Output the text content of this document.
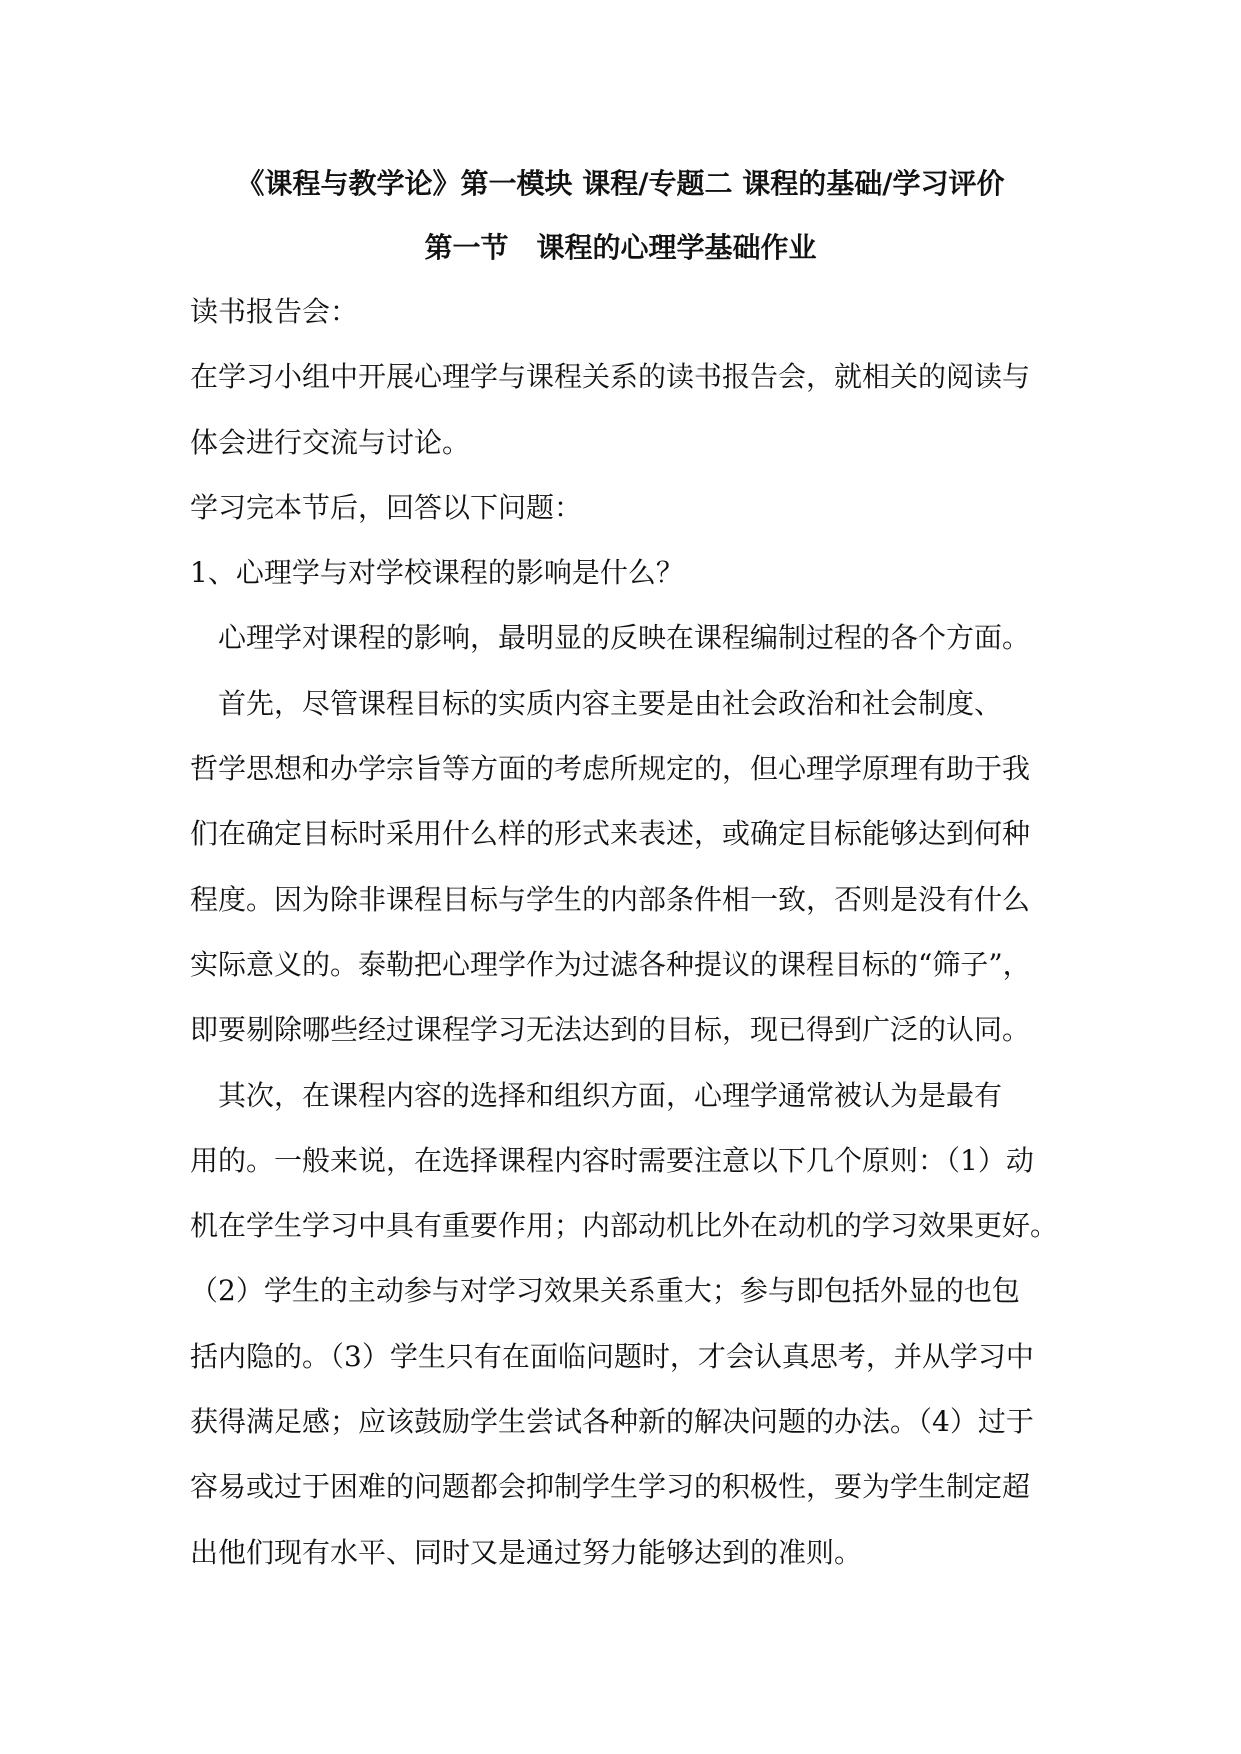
《课程与教学论》第一模块 课程/专题二 课程的基础/学习评价
第一节　课程的心理学基础作业
读书报告会：
在学习小组中开展心理学与课程关系的读书报告会，就相关的阅读与
体会进行交流与讨论。
学习完本节后，回答以下问题：
1、心理学与对学校课程的影响是什么？
　心理学对课程的影响，最明显的反映在课程编制过程的各个方面。
　首先，尽管课程目标的实质内容主要是由社会政治和社会制度、
哲学思想和办学宗旨等方面的考虑所规定的，但心理学原理有助于我
们在确定目标时采用什么样的形式来表述，或确定目标能够达到何种
程度。因为除非课程目标与学生的内部条件相一致，否则是没有什么
实际意义的。泰勒把心理学作为过滤各种提议的课程目标的“筛子”，
即要剔除哪些经过课程学习无法达到的目标，现已得到广泛的认同。
　其次，在课程内容的选择和组织方面，心理学通常被认为是最有
用的。一般来说，在选择课程内容时需要注意以下几个原则：（1）动
机在学生学习中具有重要作用；内部动机比外在动机的学习效果更好。
（2）学生的主动参与对学习效果关系重大；参与即包括外显的也包
括内隐的。（3）学生只有在面临问题时，才会认真思考，并从学习中
获得满足感；应该鼓励学生尝试各种新的解决问题的办法。（4）过于
容易或过于困难的问题都会抑制学生学习的积极性，要为学生制定超
出他们现有水平、同时又是通过努力能够达到的准则。
